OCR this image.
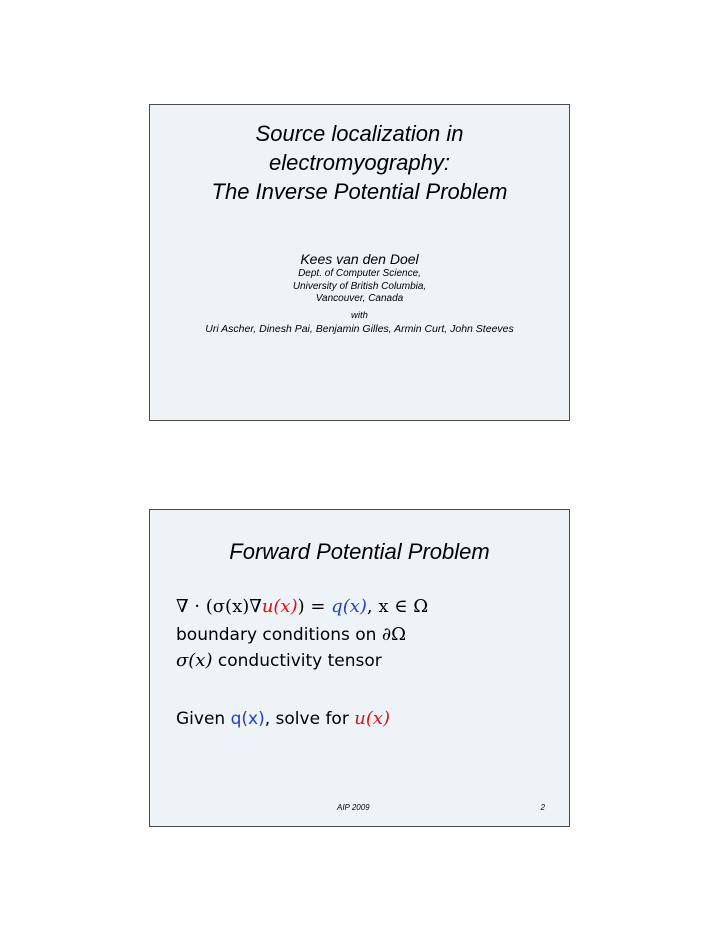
Source localization in
electromyography:
The Inverse Potential Problem
Kees van den Doel
Dept. of Computer Science,
University of British Columbia,
Vancouver, Canada
with
Uri Ascher, Dinesh Pai, Benjamin Gilles, Armin Curt, John Steeves
Forward Potential Problem
∇ · (σ(x)∇u(x)) = q(x), x ∈ Ω
boundary conditions on ∂Ω
σ(x) conductivity tensor
Given q(x), solve for u(x)
AIP 2009	2
